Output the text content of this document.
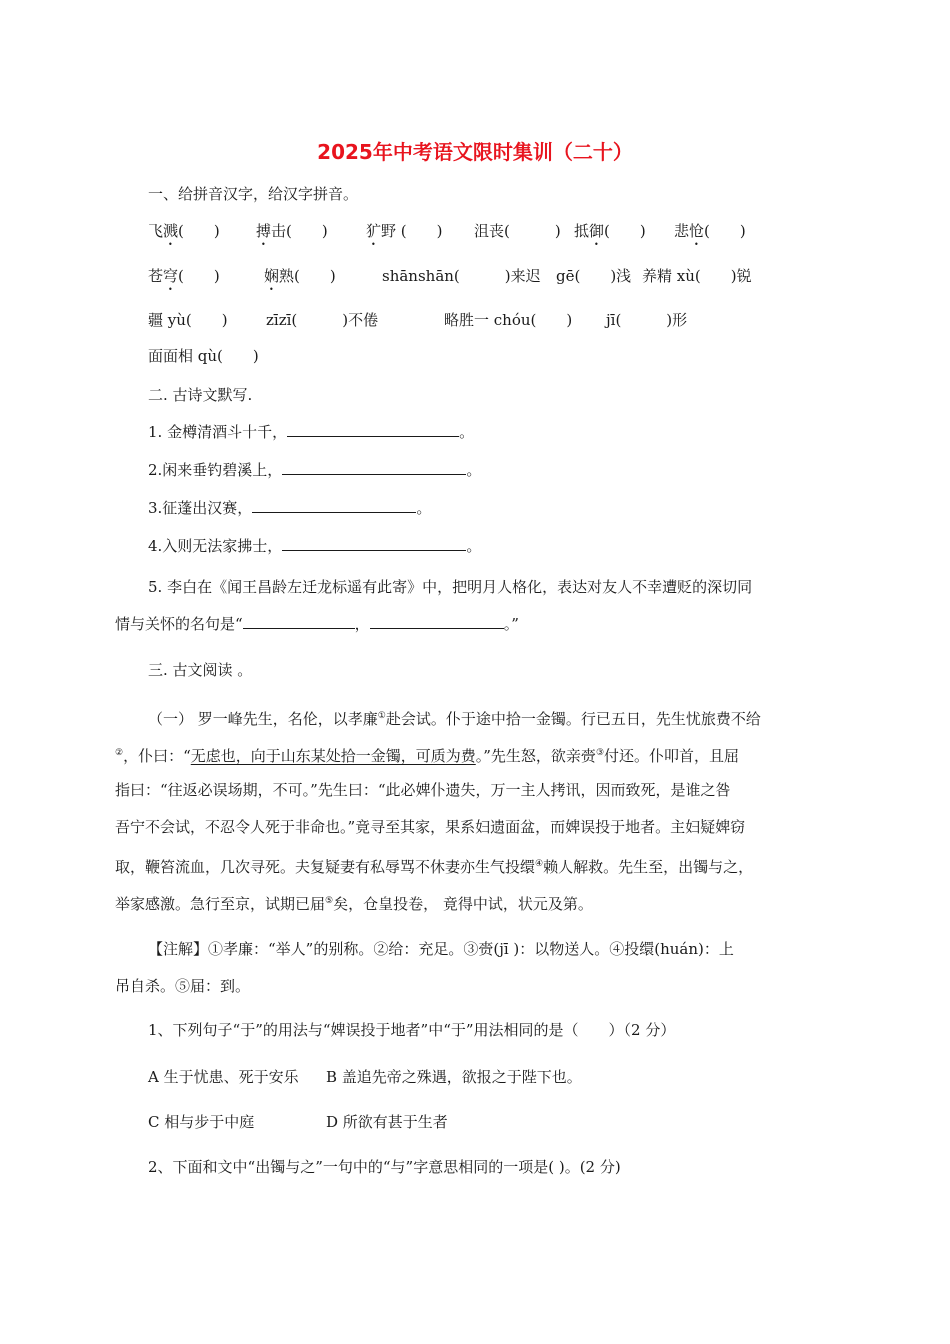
2025年中考语文限时集训（二十）
一、给拼音汉字，给汉字拼音。
飞溅(　　) 搏击(　　)	犷野 (　　) 沮丧(　　　) 抵御(　　) 悲怆(　　)
苍穹(　　)	娴熟(　　)	shānshān(　　　)来迟 gē(　　)浅 养精 xù(　　)锐
疆 yù(　　)	zīzī(　　　)不倦	略胜一 chóu(　　) jī(　　　)形
面面相 qù(　　)
二. 古诗文默写.
1. 金樽清酒斗十千，	。
2.闲来垂钓碧溪上，	。
3.征蓬出汉赛，	。
4.入则无法家拂士，	。
5. 李白在《闻王昌龄左迁龙标遥有此寄》中，把明月人格化，表达对友人不幸遭贬的深切同
情与关怀的名句是“	，	。”
三. 古文阅读 。
（一） 罗一峰先生，名伦，以孝廉①赴会试。仆于途中拾一金镯。行已五日，先生忧旅费不给
②，仆曰：“无虑也，向于山东某处拾一金镯，可质为费。”先生怒，欲亲赍③付还。仆叩首，且屈
指曰：“往返必误场期，不可。”先生曰：“此必婢仆遗失，万一主人拷讯，因而致死，是谁之咎
吾宁不会试，不忍令人死于非命也。”竟寻至其家，果系妇遗面盆，而婢误投于地者。主妇疑婢窃
取，鞭笞流血，几次寻死。夫复疑妻有私辱骂不休妻亦生气投缳④赖人解救。先生至，出镯与之，
举家感激。急行至京，试期已届⑤矣，仓皇投卷， 竟得中试，状元及第。
【注解】①孝廉：“举人”的别称。②给：充足。③赍(jī )：以物送人。④投缳(huán)：上
吊自杀。⑤届：到。
1、下列句子“于”的用法与“婢误投于地者”中“于”用法相同的是（　　）（2 分）
A 生于忧患、死于安乐 B 盖追先帝之殊遇，欲报之于陛下也。
C 相与步于中庭	D 所欲有甚于生者
2、下面和文中“出镯与之”一句中的“与”字意思相同的一项是( )。(2 分)
